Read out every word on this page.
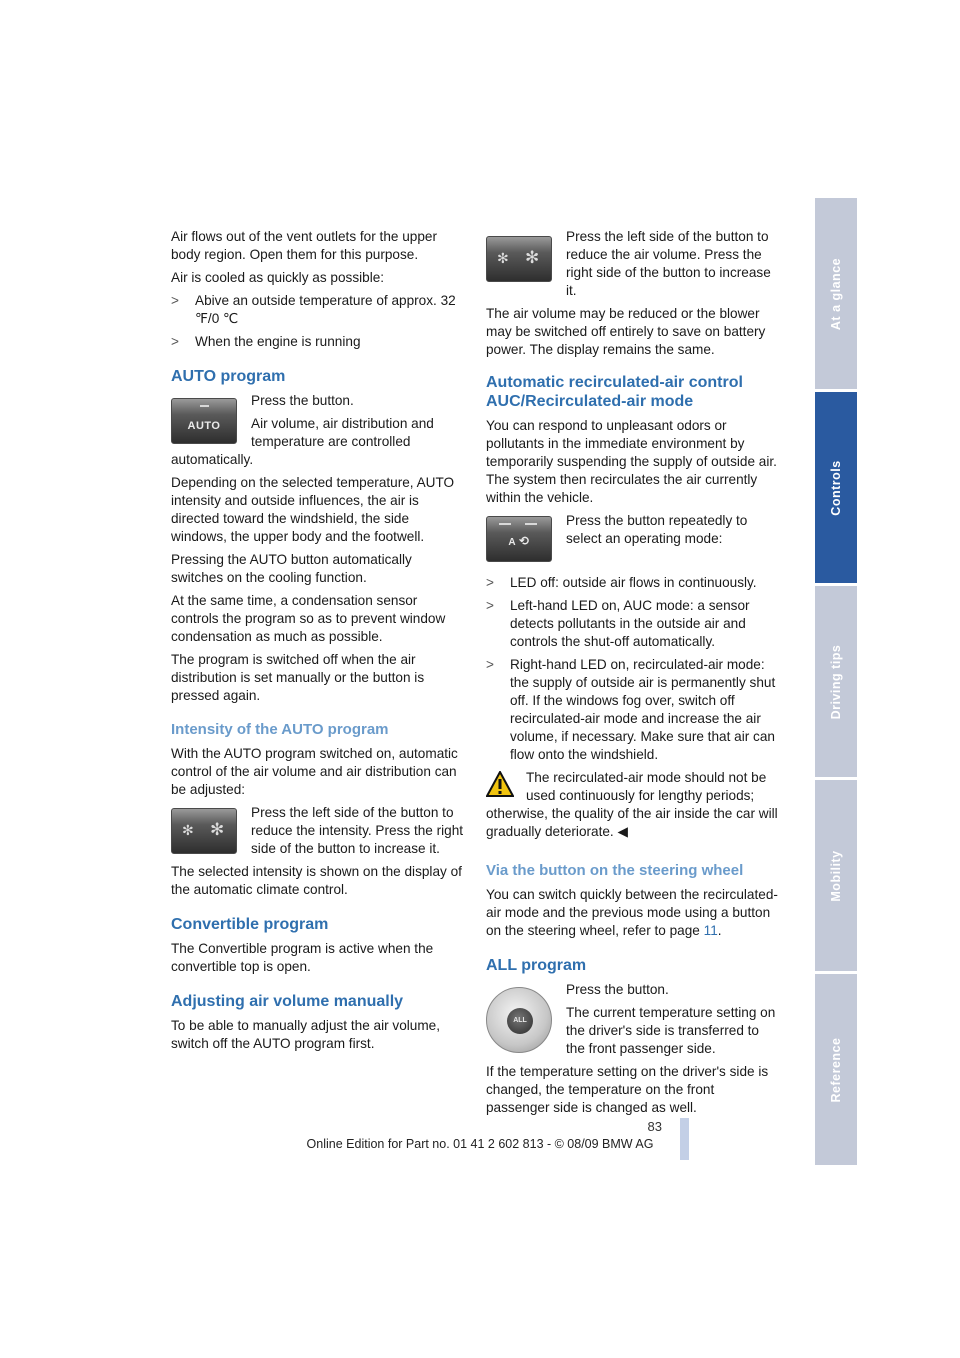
Air flows out of the vent outlets for the upper body region. Open them for this purpose.

Air is cooled as quickly as possible:

> Abive an outside temperature of approx. 32 ℉/0 ℃
> When the engine is running
AUTO program
AUTO

Press the button.

Air volume, air distribution and temperature are controlled automatically.

Depending on the selected temperature, AUTO intensity and outside influences, the air is directed toward the windshield, the side windows, the upper body and the footwell.

Pressing the AUTO button automatically switches on the cooling function.

At the same time, a condensation sensor controls the program so as to prevent window condensation as much as possible.

The program is switched off when the air distribution is set manually or the button is pressed again.

Intensity of the AUTO program

With the AUTO program switched on, automatic control of the air volume and air distribution can be adjusted:

✻ ✻

Press the left side of the button to reduce the intensity. Press the right side of the button to increase it.

The selected intensity is shown on the display of the automatic climate control.

Convertible program

The Convertible program is active when the convertible top is open.

Adjusting air volume manually

To be able to manually adjust the air volume, switch off the AUTO program first.

✻ ✻

Press the left side of the button to reduce the air volume. Press the right side of the button to increase it.

The air volume may be reduced or the blower may be switched off entirely to save on battery power. The display remains the same.

Automatic recirculated-air control AUC/Recirculated-air mode

You can respond to unpleasant odors or pollutants in the immediate environment by temporarily suspending the supply of outside air. The system then recirculates the air currently within the vehicle.

A ⟲

Press the button repeatedly to select an operating mode:

> LED off: outside air flows in continuously.
> Left-hand LED on, AUC mode: a sensor detects pollutants in the outside air and controls the shut-off automatically.
> Right-hand LED on, recirculated-air mode: the supply of outside air is permanently shut off. If the windows fog over, switch off recirculated-air mode and increase the air volume, if necessary. Make sure that air can flow onto the windshield.

The recirculated-air mode should not be used continuously for lengthy periods; otherwise, the quality of the air inside the car will gradually deteriorate. ◀

Via the button on the steering wheel

You can switch quickly between the recirculated-air mode and the previous mode using a button on the steering wheel, refer to page 11.

ALL program
ALL

Press the button.

The current temperature setting on the driver's side is transferred to the front passenger side.

If the temperature setting on the driver's side is changed, the temperature on the front passenger side is changed as well.

At a glance
Controls
Driving tips
Mobility
Reference
83
Online Edition for Part no. 01 41 2 602 813 - © 08/09 BMW AG
